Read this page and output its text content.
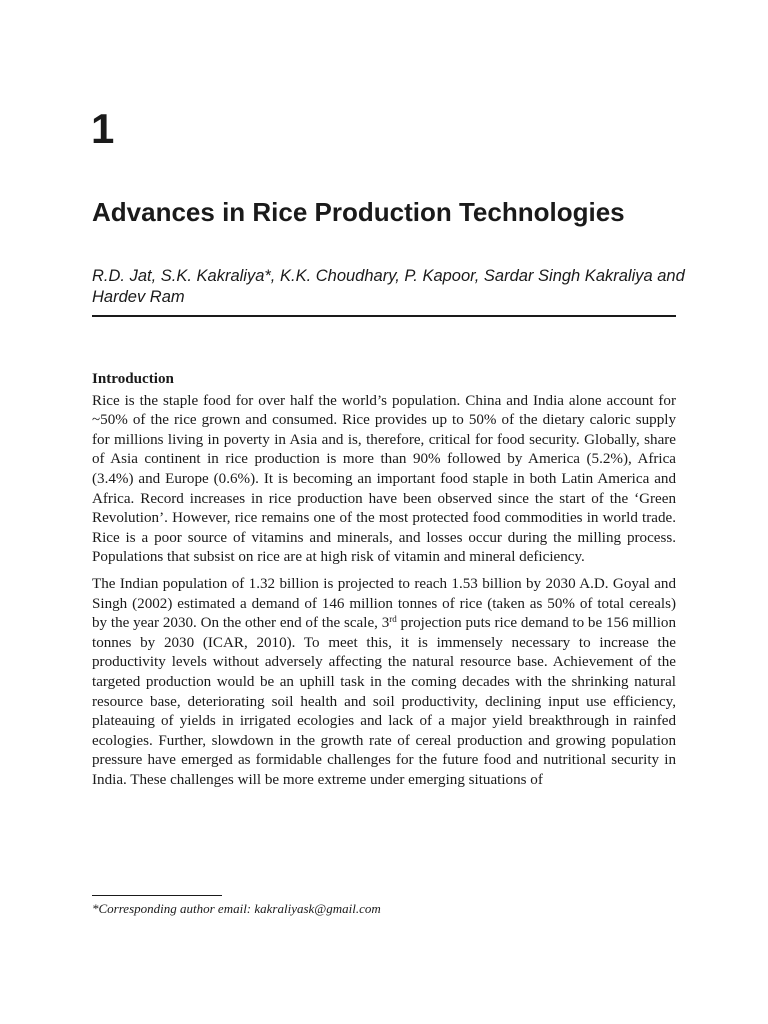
1
Advances in Rice Production Technologies

R.D. Jat, S.K. Kakraliya*, K.K. Choudhary, P. Kapoor, Sardar Singh Kakraliya and Hardev Ram

Introduction

Rice is the staple food for over half the world’s population. China and India alone account for ~50% of the rice grown and consumed. Rice provides up to 50% of the dietary caloric supply for millions living in poverty in Asia and is, therefore, critical for food security. Globally, share of Asia continent in rice production is more than 90% followed by America (5.2%), Africa (3.4%) and Europe (0.6%). It is becoming an important food staple in both Latin America and Africa. Record increases in rice production have been observed since the start of the ‘Green Revolution’. However, rice remains one of the most protected food commodities in world trade. Rice is a poor source of vitamins and minerals, and losses occur during the milling process. Populations that subsist on rice are at high risk of vitamin and mineral deficiency.

The Indian population of 1.32 billion is projected to reach 1.53 billion by 2030 A.D. Goyal and Singh (2002) estimated a demand of 146 million tonnes of rice (taken as 50% of total cereals) by the year 2030. On the other end of the scale, 3rd projection puts rice demand to be 156 million tonnes by 2030 (ICAR, 2010). To meet this, it is immensely necessary to increase the productivity levels without adversely affecting the natural resource base. Achievement of the targeted production would be an uphill task in the coming decades with the shrinking natural resource base, deteriorating soil health and soil productivity, declining input use efficiency, plateauing of yields in irrigated ecologies and lack of a major yield breakthrough in rainfed ecologies. Further, slowdown in the growth rate of cereal production and growing population pressure have emerged as formidable challenges for the future food and nutritional security in India. These challenges will be more extreme under emerging situations of

*Corresponding author email: kakraliyask@gmail.com
